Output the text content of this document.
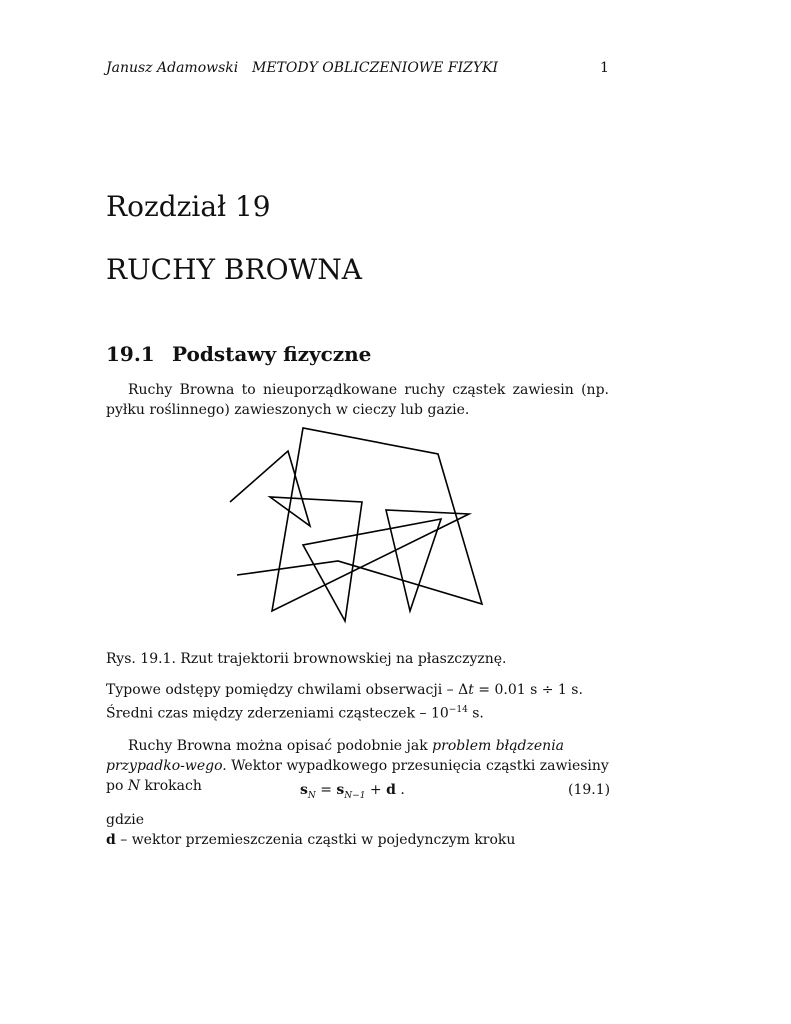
Janusz Adamowski METODY OBLICZENIOWE FIZYKI	1
Rozdział 19
RUCHY BROWNA
19.1 Podstawy fizyczne
Ruchy Browna to nieuporządkowane ruchy cząstek zawiesin (np. pyłku roślinnego) zawieszonych w cieczy lub gazie.
Rys. 19.1. Rzut trajektorii brownowskiej na płaszczyznę.
Typowe odstępy pomiędzy chwilami obserwacji – Δt = 0.01 s ÷ 1 s.
Średni czas między zderzeniami cząsteczek – $10^{-14}$ s.
Ruchy Browna można opisać podobnie jak problem błądzenia przypadko-wego. Wektor wypadkowego przesunięcia cząstki zawiesiny po N krokach	$s_N = s_{N-1} + d$ .	(19.1)
gdzie
d – wektor przemieszczenia cząstki w pojedynczym kroku
